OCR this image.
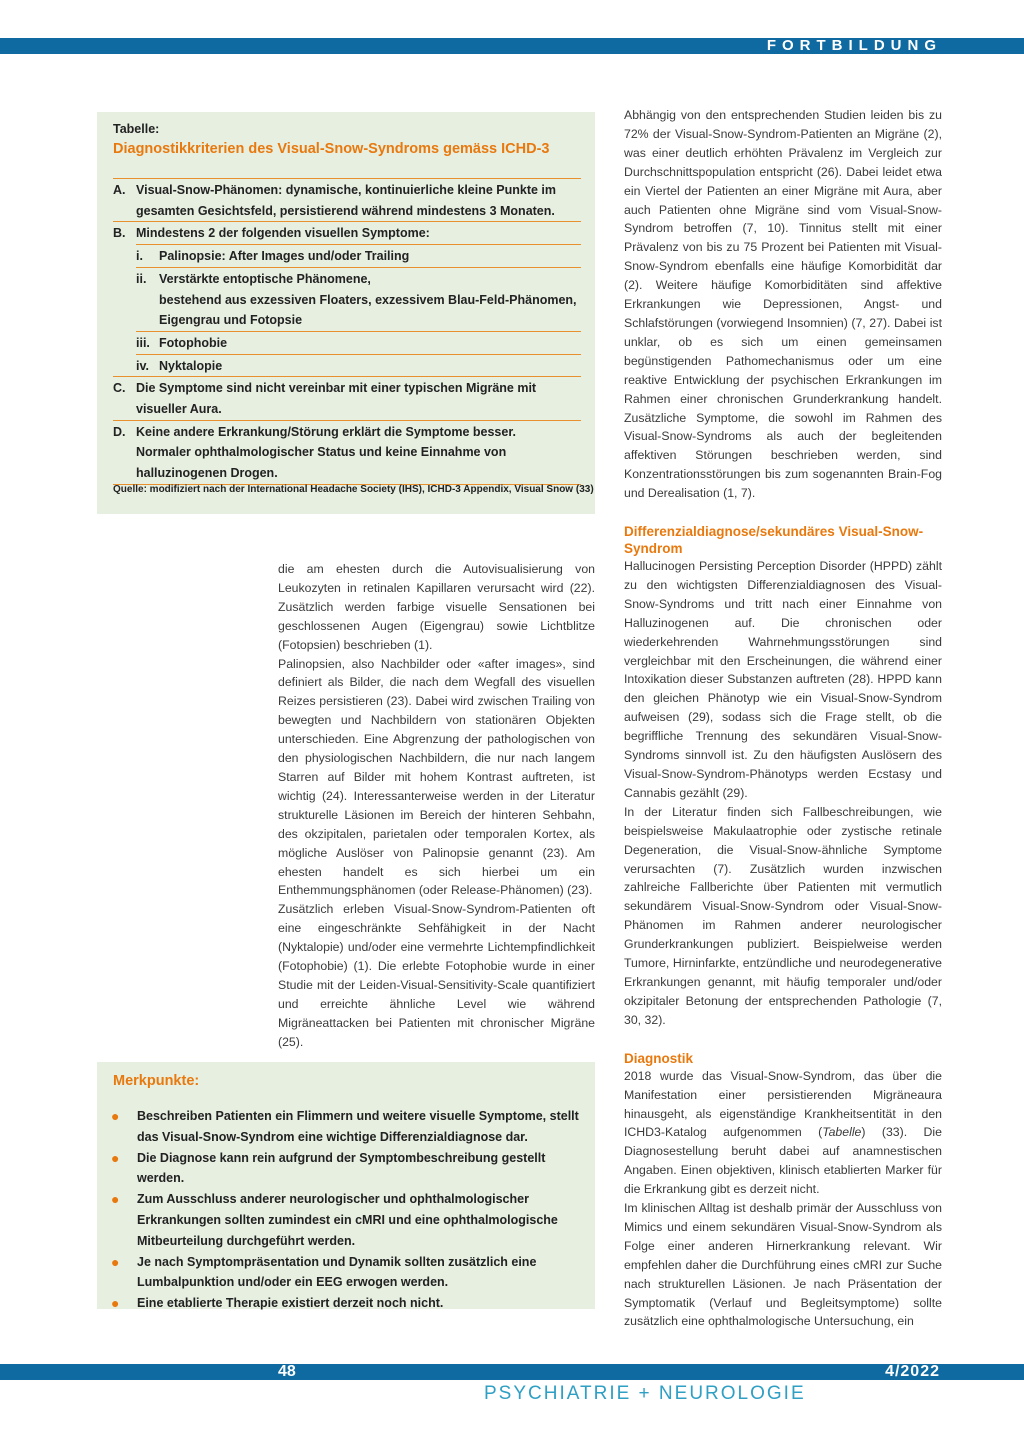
FORTBILDUNG
Tabelle:
Diagnostikkriterien des Visual-Snow-Syndroms gemäss ICHD-3
A. Visual-Snow-Phänomen: dynamische, kontinuierliche kleine Punkte im gesamten Gesichtsfeld, persistierend während mindestens 3 Monaten.
B. Mindestens 2 der folgenden visuellen Symptome:
i.	Palinopsie: After Images und/oder Trailing
ii.	Verstärkte entoptische Phänomene,
bestehend aus exzessiven Floaters, exzessivem Blau-Feld-Phänomen, Eigengrau und Fotopsie
iii. Fotophobie
iv. Nyktalopie
C. Die Symptome sind nicht vereinbar mit einer typischen Migräne mit visueller Aura.
D. Keine andere Erkrankung/Störung erklärt die Symptome besser.
Normaler ophthalmologischer Status und keine Einnahme von halluzinogenen Drogen.
Quelle: modifiziert nach der International Headache Society (IHS), ICHD-3 Appendix, Visual Snow (33)

die am ehesten durch die Autovisualisierung von Leukozyten in retinalen Kapillaren verursacht wird (22). Zusätzlich werden farbige visuelle Sensationen bei geschlossenen Augen (Eigengrau) sowie Lichtblitze (Fotopsien) beschrieben (1).

Palinopsien, also Nachbilder oder «after images», sind definiert als Bilder, die nach dem Wegfall des visuellen Reizes persistieren (23). Dabei wird zwischen Trailing von bewegten und Nachbildern von stationären Objekten unterschieden. Eine Abgrenzung der pathologischen von den physiologischen Nachbildern, die nur nach langem Starren auf Bilder mit hohem Kontrast auftreten, ist wichtig (24). Interessanterweise werden in der Literatur strukturelle Läsionen im Bereich der hinteren Sehbahn, des okzipitalen, parietalen oder temporalen Kortex, als mögliche Auslöser von Palinopsie genannt (23). Am ehesten handelt es sich hierbei um ein Enthemmungsphänomen (oder Release-Phänomen) (23).

Zusätzlich erleben Visual-Snow-Syndrom-Patienten oft eine eingeschränkte Sehfähigkeit in der Nacht (Nyktalopie) und/oder eine vermehrte Lichtempfindlichkeit (Fotophobie) (1). Die erlebte Fotophobie wurde in einer Studie mit der Leiden-Visual-Sensitivity-Scale quantifiziert und erreichte ähnliche Level wie während Migräneattacken bei Patienten mit chronischer Migräne (25).

Merkpunkte:
●	Beschreiben Patienten ein Flimmern und weitere visuelle Symptome, stellt das Visual-Snow-Syndrom eine wichtige Differenzialdiagnose dar.
●	Die Diagnose kann rein aufgrund der Symptombeschreibung gestellt werden.
●	Zum Ausschluss anderer neurologischer und ophthalmologischer Erkrankungen sollten zumindest ein cMRI und eine ophthalmologische Mitbeurteilung durchgeführt werden.
●	Je nach Symptompräsentation und Dynamik sollten zusätzlich eine Lumbalpunktion und/oder ein EEG erwogen werden.
●	Eine etablierte Therapie existiert derzeit noch nicht.

Abhängig von den entsprechenden Studien leiden bis zu 72% der Visual-Snow-Syndrom-Patienten an Migräne (2), was einer deutlich erhöhten Prävalenz im Vergleich zur Durchschnittspopulation entspricht (26). Dabei leidet etwa ein Viertel der Patienten an einer Migräne mit Aura, aber auch Patienten ohne Migräne sind vom Visual-Snow-Syndrom betroffen (7, 10). Tinnitus stellt mit einer Prävalenz von bis zu 75 Prozent bei Patienten mit Visual-Snow-Syndrom ebenfalls eine häufige Komorbidität dar (2). Weitere häufige Komorbiditäten sind affektive Erkrankungen wie Depressionen, Angst- und Schlafstörungen (vorwiegend Insomnien) (7, 27). Dabei ist unklar, ob es sich um einen gemeinsamen begünstigenden Pathomechanismus oder um eine reaktive Entwicklung der psychischen Erkrankungen im Rahmen einer chronischen Grunderkrankung handelt. Zusätzliche Symptome, die sowohl im Rahmen des Visual-Snow-Syndroms als auch der begleitenden affektiven Störungen beschrieben werden, sind Konzentrationsstörungen bis zum sogenannten Brain-Fog und Derealisation (1, 7).

Differenzialdiagnose/sekundäres Visual-Snow-Syndrom

Hallucinogen Persisting Perception Disorder (HPPD) zählt zu den wichtigsten Differenzialdiagnosen des Visual-Snow-Syndroms und tritt nach einer Einnahme von Halluzinogenen auf. Die chronischen oder wiederkehrenden Wahrnehmungsstörungen sind vergleichbar mit den Erscheinungen, die während einer Intoxikation dieser Substanzen auftreten (28). HPPD kann den gleichen Phänotyp wie ein Visual-Snow-Syndrom aufweisen (29), sodass sich die Frage stellt, ob die begriffliche Trennung des sekundären Visual-Snow-Syndroms sinnvoll ist. Zu den häufigsten Auslösern des Visual-Snow-Syndrom-Phänotyps werden Ecstasy und Cannabis gezählt (29).

In der Literatur finden sich Fallbeschreibungen, wie beispielsweise Makulaatrophie oder zystische retinale Degeneration, die Visual-Snow-ähnliche Symptome verursachten (7). Zusätzlich wurden inzwischen zahlreiche Fallberichte über Patienten mit vermutlich sekundärem Visual-Snow-Syndrom oder Visual-Snow-Phänomen im Rahmen anderer neurologischer Grunderkrankungen publiziert. Beispielweise werden Tumore, Hirninfarkte, entzündliche und neurodegenerative Erkrankungen genannt, mit häufig temporaler und/oder okzipitaler Betonung der entsprechenden Pathologie (7, 30, 32).

Diagnostik

2018 wurde das Visual-Snow-Syndrom, das über die Manifestation einer persistierenden Migräneaura hinausgeht, als eigenständige Krankheitsentität in den ICHD3-Katalog aufgenommen (Tabelle) (33). Die Diagnosestellung beruht dabei auf anamnestischen Angaben. Einen objektiven, klinisch etablierten Marker für die Erkrankung gibt es derzeit nicht.

Im klinischen Alltag ist deshalb primär der Ausschluss von Mimics und einem sekundären Visual-Snow-Syndrom als Folge einer anderen Hirnerkrankung relevant. Wir empfehlen daher die Durchführung eines cMRI zur Suche nach strukturellen Läsionen. Je nach Präsentation der Symptomatik (Verlauf und Begleitsymptome) sollte zusätzlich eine ophthalmologische Untersuchung, ein

48	4/2022
PSYCHIATRIE + NEUROLOGIE
